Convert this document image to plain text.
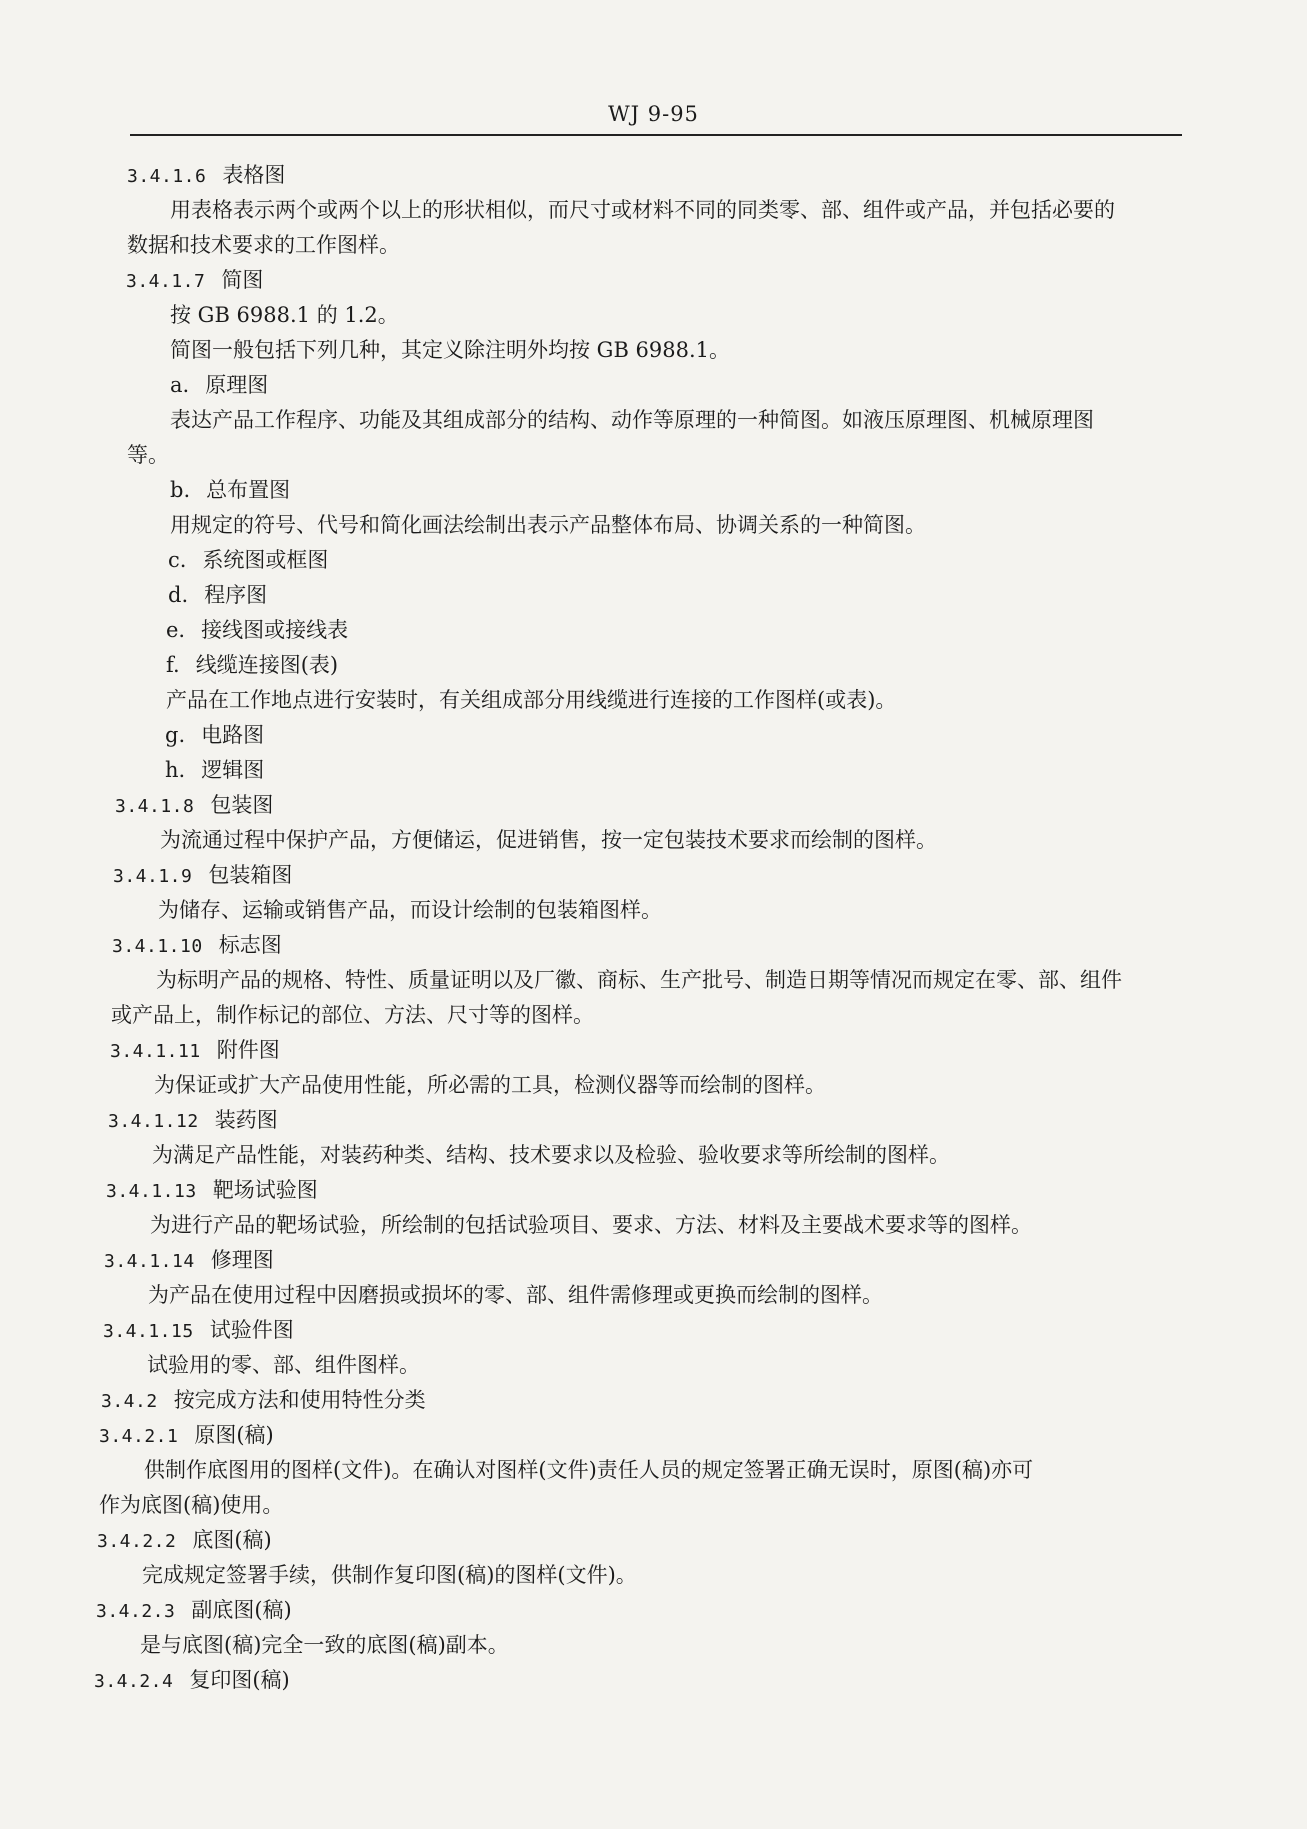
WJ 9-95
3.4.1.6 表格图
用表格表示两个或两个以上的形状相似，而尺寸或材料不同的同类零、部、组件或产品，并包括必要的
数据和技术要求的工作图样。
3.4.1.7 简图
按 GB 6988.1 的 1.2。
简图一般包括下列几种，其定义除注明外均按 GB 6988.1。
a. 原理图
表达产品工作程序、功能及其组成部分的结构、动作等原理的一种简图。如液压原理图、机械原理图
等。
b. 总布置图
用规定的符号、代号和简化画法绘制出表示产品整体布局、协调关系的一种简图。
c. 系统图或框图
d. 程序图
e. 接线图或接线表
f. 线缆连接图(表)
产品在工作地点进行安装时，有关组成部分用线缆进行连接的工作图样(或表)。
g. 电路图
h. 逻辑图
3.4.1.8 包装图
为流通过程中保护产品，方便储运，促进销售，按一定包装技术要求而绘制的图样。
3.4.1.9 包装箱图
为储存、运输或销售产品，而设计绘制的包装箱图样。
3.4.1.10 标志图
为标明产品的规格、特性、质量证明以及厂徽、商标、生产批号、制造日期等情况而规定在零、部、组件
或产品上，制作标记的部位、方法、尺寸等的图样。
3.4.1.11 附件图
为保证或扩大产品使用性能，所必需的工具，检测仪器等而绘制的图样。
3.4.1.12 装药图
为满足产品性能，对装药种类、结构、技术要求以及检验、验收要求等所绘制的图样。
3.4.1.13 靶场试验图
为进行产品的靶场试验，所绘制的包括试验项目、要求、方法、材料及主要战术要求等的图样。
3.4.1.14 修理图
为产品在使用过程中因磨损或损坏的零、部、组件需修理或更换而绘制的图样。
3.4.1.15 试验件图
试验用的零、部、组件图样。
3.4.2 按完成方法和使用特性分类
3.4.2.1 原图(稿)
供制作底图用的图样(文件)。在确认对图样(文件)责任人员的规定签署正确无误时，原图(稿)亦可
作为底图(稿)使用。
3.4.2.2 底图(稿)
完成规定签署手续，供制作复印图(稿)的图样(文件)。
3.4.2.3 副底图(稿)
是与底图(稿)完全一致的底图(稿)副本。
3.4.2.4 复印图(稿)
